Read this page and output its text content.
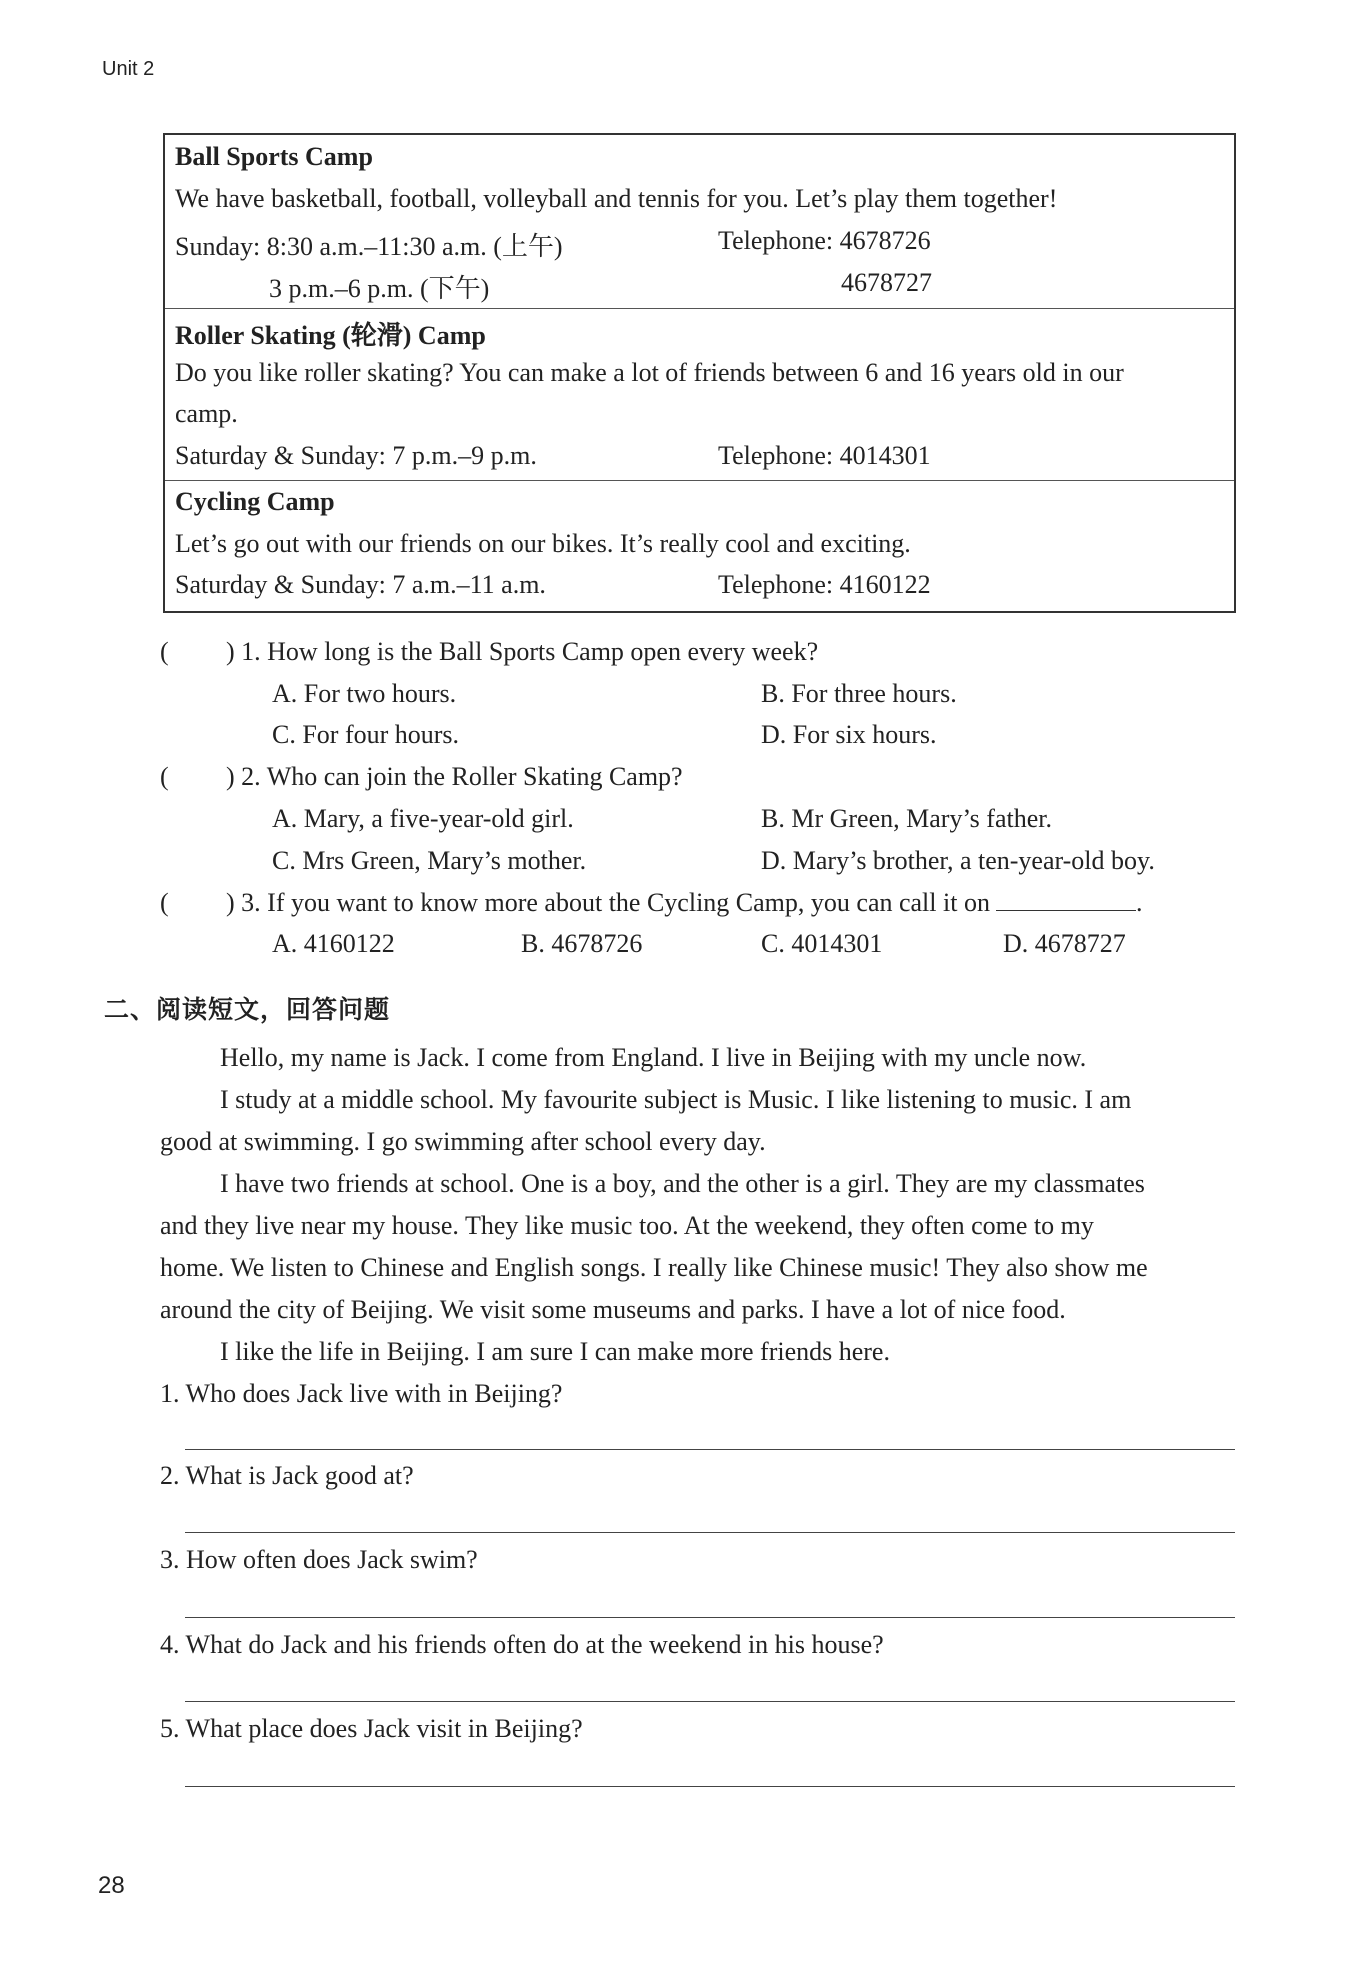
Unit 2
Ball Sports Camp
We have basketball, football, volleyball and tennis for you. Let’s play them together!
Sunday: 8:30 a.m.–11:30 a.m. (上午)	Telephone: 4678726
3 p.m.–6 p.m. (下午)	4678727
Roller Skating (轮滑) Camp
Do you like roller skating? You can make a lot of friends between 6 and 16 years old in our
camp.
Saturday & Sunday: 7 p.m.–9 p.m.	Telephone: 4014301
Cycling Camp
Let’s go out with our friends on our bikes. It’s really cool and exciting.
Saturday & Sunday: 7 a.m.–11 a.m.	Telephone: 4160122
( ) 1. How long is the Ball Sports Camp open every week?
A. For two hours.	B. For three hours.
C. For four hours.	D. For six hours.
( ) 2. Who can join the Roller Skating Camp?
A. Mary, a five-year-old girl.	B. Mr Green, Mary’s father.
C. Mrs Green, Mary’s mother.	D. Mary’s brother, a ten-year-old boy.
( ) 3. If you want to know more about the Cycling Camp, you can call it on	.
A. 4160122	B. 4678726	C. 4014301	D. 4678727
二、阅读短文，回答问题
Hello, my name is Jack. I come from England. I live in Beijing with my uncle now.
I study at a middle school. My favourite subject is Music. I like listening to music. I am
good at swimming. I go swimming after school every day.
I have two friends at school. One is a boy, and the other is a girl. They are my classmates
and they live near my house. They like music too. At the weekend, they often come to my
home. We listen to Chinese and English songs. I really like Chinese music! They also show me
around the city of Beijing. We visit some museums and parks. I have a lot of nice food.
I like the life in Beijing. I am sure I can make more friends here.
1. Who does Jack live with in Beijing?
2. What is Jack good at?
3. How often does Jack swim?
4. What do Jack and his friends often do at the weekend in his house?
5. What place does Jack visit in Beijing?
28
